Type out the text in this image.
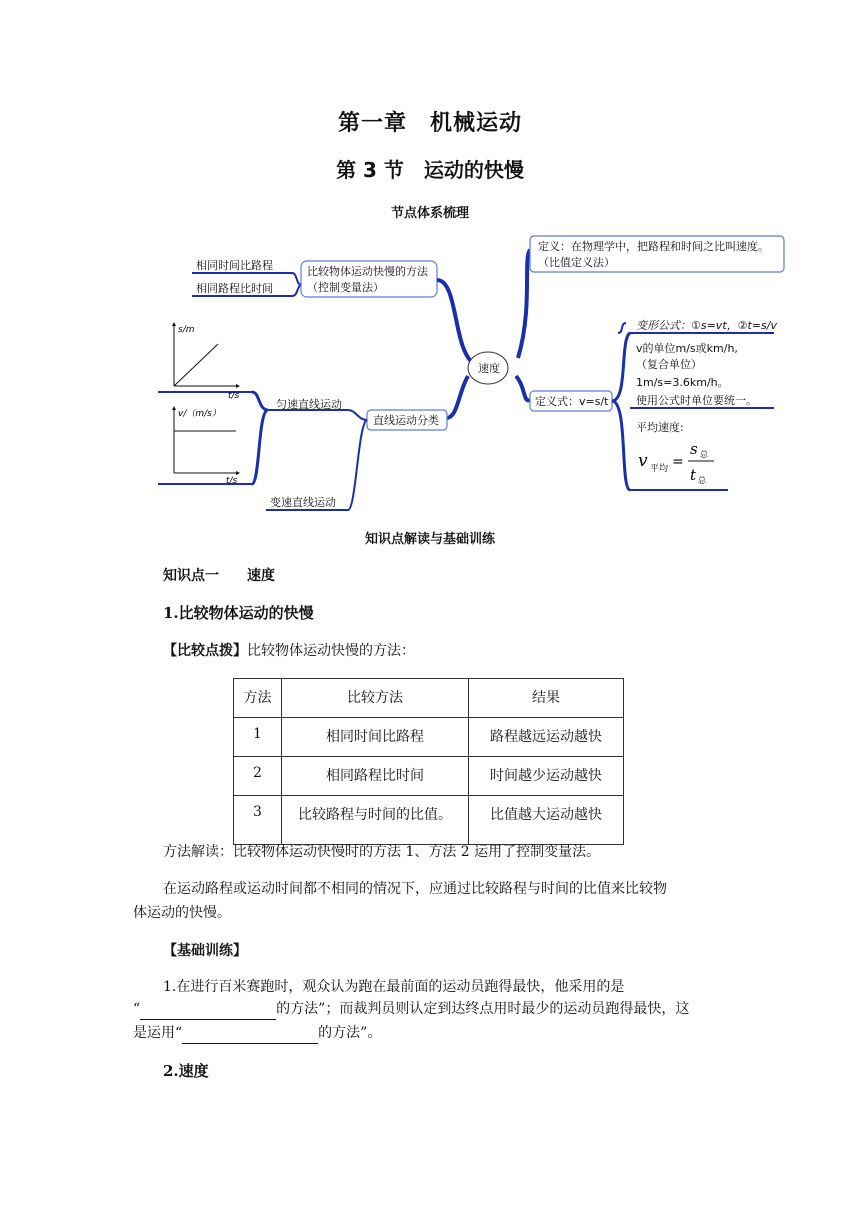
第一章　机械运动
第 3 节　运动的快慢
节点体系梳理
比较物体运动快慢的方法
（控制变量法）
相同时间比路程
相同路程比时间
速度
定义：在物理学中，把路程和时间之比叫速度。
（比值定义法）
定义式：v=s/t
变形公式：①s=vt，②t=s/v
v的单位m/s或km/h,
（复合单位）
1m/s=3.6km/h。
使用公式时单位要统一。
平均速度:
v 平均 =
s 总
t 总
直线运动分类
匀速直线运动
变速直线运动
s/m
t/s
v/（m/s）
t/s
知识点解读与基础训练
知识点一　　速度
1.比较物体运动的快慢
【比较点拨】比较物体运动快慢的方法：
方法	比较方法	结果
1	相同时间比路程	路程越远运动越快
2	相同路程比时间	时间越少运动越快
3	比较路程与时间的比值。	比值越大运动越快
方法解读：比较物体运动快慢时的方法 1、方法 2 运用了控制变量法。
在运动路程或运动时间都不相同的情况下，应通过比较路程与时间的比值来比较物
体运动的快慢。
【基础训练】
1.在进行百米赛跑时，观众认为跑在最前面的运动员跑得最快，他采用的是
“	的方法”；而裁判员则认定到达终点用时最少的运动员跑得最快，这
是运用“	的方法”。
2.速度
